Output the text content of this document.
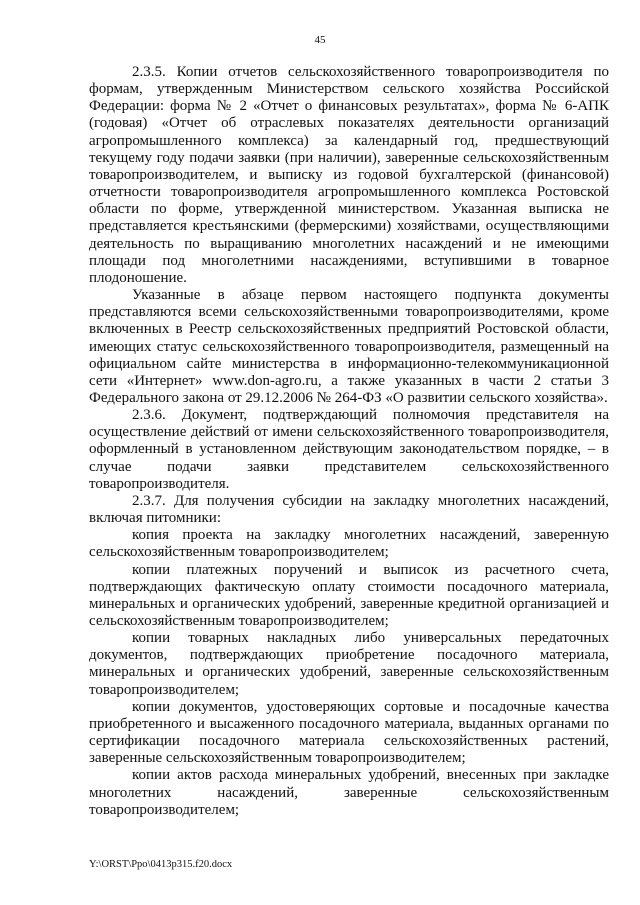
45

2.3.5. Копии отчетов сельскохозяйственного товаропроизводителя по формам, утвержденным Министерством сельского хозяйства Российской Федерации: форма № 2 «Отчет о финансовых результатах», форма № 6-АПК (годовая) «Отчет об отраслевых показателях деятельности организаций агропромышленного комплекса) за календарный год, предшествующий текущему году подачи заявки (при наличии), заверенные сельскохозяйственным товаропроизводителем, и выписку из годовой бухгалтерской (финансовой) отчетности товаропроизводителя агропромышленного комплекса Ростовской области по форме, утвержденной министерством. Указанная выписка не представляется крестьянскими (фермерскими) хозяйствами, осуществляющими деятельность по выращиванию многолетних насаждений и не имеющими площади под многолетними насаждениями, вступившими в товарное плодоношение.

Указанные в абзаце первом настоящего подпункта документы представляются всеми сельскохозяйственными товаропроизводителями, кроме включенных в Реестр сельскохозяйственных предприятий Ростовской области, имеющих статус сельскохозяйственного товаропроизводителя, размещенный на официальном сайте министерства в информационно-телекоммуникационной сети «Интернет» www.don-agro.ru, а также указанных в части 2 статьи 3 Федерального закона от 29.12.2006 № 264-ФЗ «О развитии сельского хозяйства».

2.3.6. Документ, подтверждающий полномочия представителя на осуществление действий от имени сельскохозяйственного товаропроизводителя, оформленный в установленном действующим законодательством порядке, – в случае подачи заявки представителем сельскохозяйственного товаропроизводителя.

2.3.7. Для получения субсидии на закладку многолетних насаждений, включая питомники:

копия проекта на закладку многолетних насаждений, заверенную сельскохозяйственным товаропроизводителем;

копии платежных поручений и выписок из расчетного счета, подтверждающих фактическую оплату стоимости посадочного материала, минеральных и органических удобрений, заверенные кредитной организацией и сельскохозяйственным товаропроизводителем;

копии товарных накладных либо универсальных передаточных документов, подтверждающих приобретение посадочного материала, минеральных и органических удобрений, заверенные сельскохозяйственным товаропроизводителем;

копии документов, удостоверяющих сортовые и посадочные качества приобретенного и высаженного посадочного материала, выданных органами по сертификации посадочного материала сельскохозяйственных растений, заверенные сельскохозяйственным товаропроизводителем;

копии актов расхода минеральных удобрений, внесенных при закладке многолетних насаждений, заверенные сельскохозяйственным товаропроизводителем;

Y:\ORST\Ppo\0413p315.f20.docx
